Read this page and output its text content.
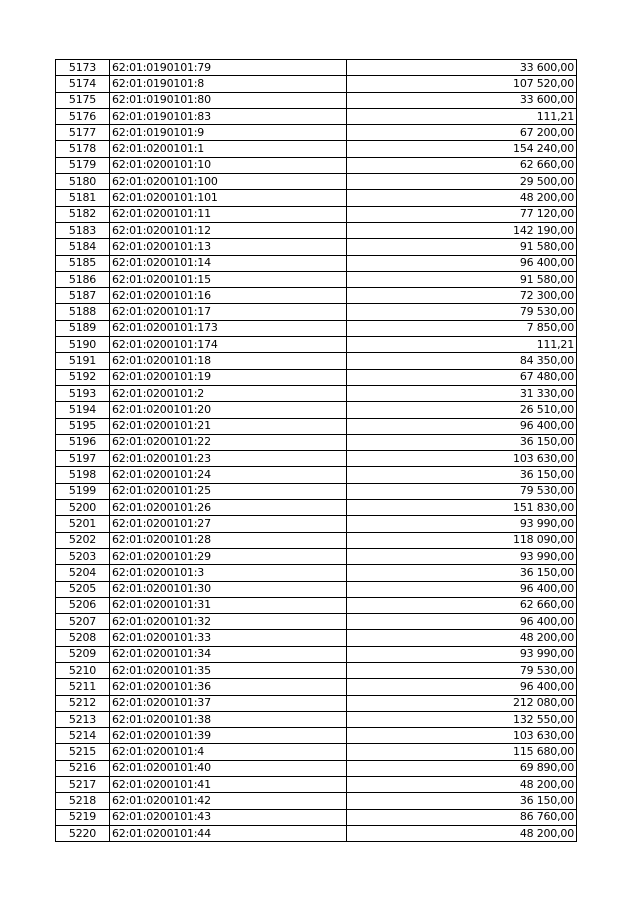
5173	62:01:0190101:79	33 600,00
5174	62:01:0190101:8	107 520,00
5175	62:01:0190101:80	33 600,00
5176	62:01:0190101:83	111,21
5177	62:01:0190101:9	67 200,00
5178	62:01:0200101:1	154 240,00
5179	62:01:0200101:10	62 660,00
5180	62:01:0200101:100	29 500,00
5181	62:01:0200101:101	48 200,00
5182	62:01:0200101:11	77 120,00
5183	62:01:0200101:12	142 190,00
5184	62:01:0200101:13	91 580,00
5185	62:01:0200101:14	96 400,00
5186	62:01:0200101:15	91 580,00
5187	62:01:0200101:16	72 300,00
5188	62:01:0200101:17	79 530,00
5189	62:01:0200101:173	7 850,00
5190	62:01:0200101:174	111,21
5191	62:01:0200101:18	84 350,00
5192	62:01:0200101:19	67 480,00
5193	62:01:0200101:2	31 330,00
5194	62:01:0200101:20	26 510,00
5195	62:01:0200101:21	96 400,00
5196	62:01:0200101:22	36 150,00
5197	62:01:0200101:23	103 630,00
5198	62:01:0200101:24	36 150,00
5199	62:01:0200101:25	79 530,00
5200	62:01:0200101:26	151 830,00
5201	62:01:0200101:27	93 990,00
5202	62:01:0200101:28	118 090,00
5203	62:01:0200101:29	93 990,00
5204	62:01:0200101:3	36 150,00
5205	62:01:0200101:30	96 400,00
5206	62:01:0200101:31	62 660,00
5207	62:01:0200101:32	96 400,00
5208	62:01:0200101:33	48 200,00
5209	62:01:0200101:34	93 990,00
5210	62:01:0200101:35	79 530,00
5211	62:01:0200101:36	96 400,00
5212	62:01:0200101:37	212 080,00
5213	62:01:0200101:38	132 550,00
5214	62:01:0200101:39	103 630,00
5215	62:01:0200101:4	115 680,00
5216	62:01:0200101:40	69 890,00
5217	62:01:0200101:41	48 200,00
5218	62:01:0200101:42	36 150,00
5219	62:01:0200101:43	86 760,00
5220	62:01:0200101:44	48 200,00
